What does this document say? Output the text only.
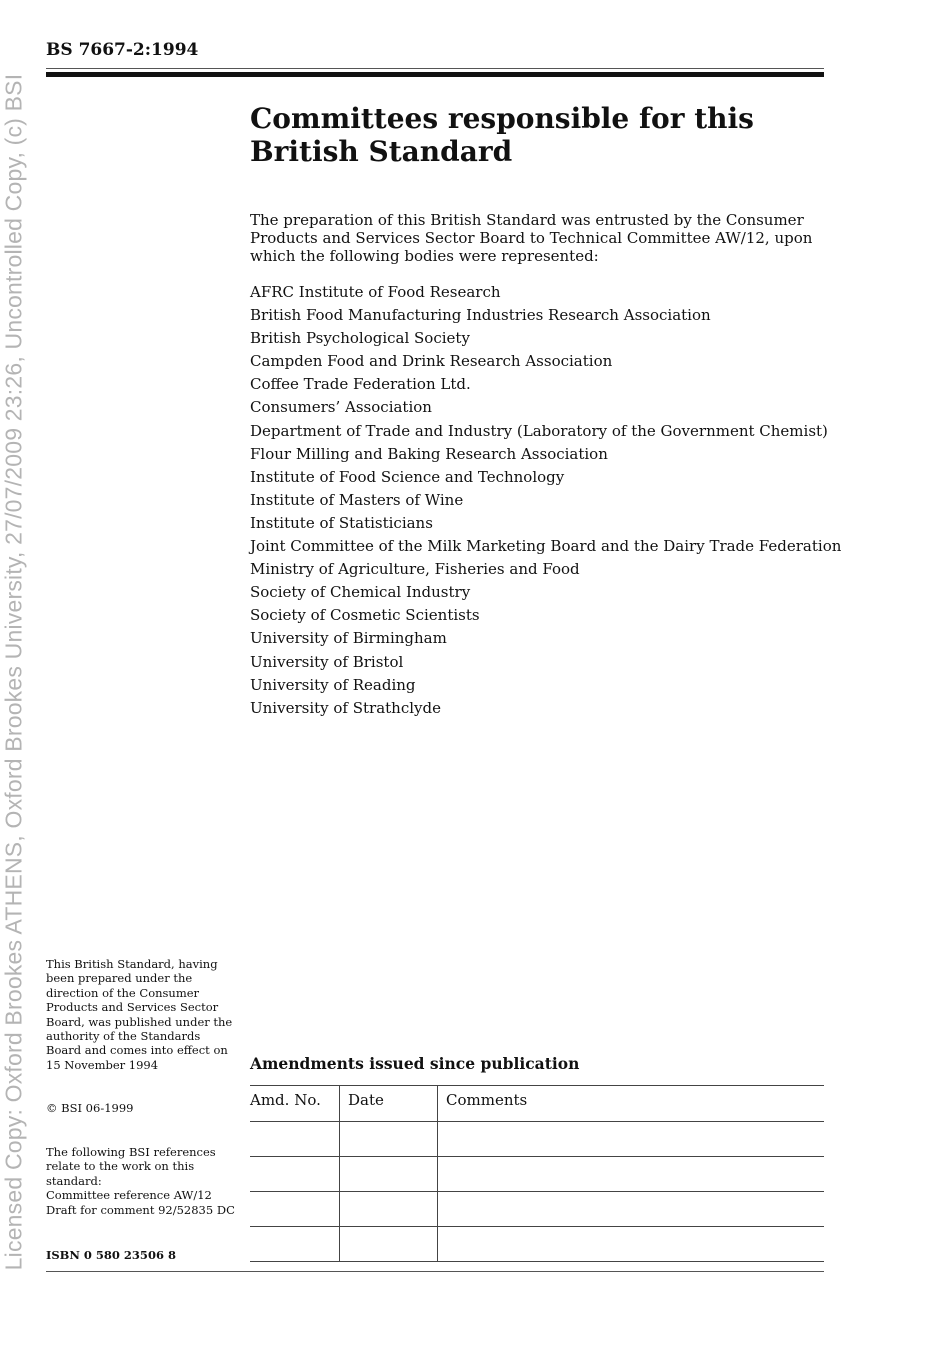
Licensed Copy: Oxford Brookes ATHENS, Oxford Brookes University, 27/07/2009 23:26, Uncontrolled Copy, (c) BSI
BS 7667-2:1994
Committees responsible for this
British Standard
The preparation of this British Standard was entrusted by the Consumer Products and Services Sector Board to Technical Committee AW/12, upon which the following bodies were represented:
AFRC Institute of Food Research
British Food Manufacturing Industries Research Association
British Psychological Society
Campden Food and Drink Research Association
Coffee Trade Federation Ltd.
Consumers’ Association
Department of Trade and Industry (Laboratory of the Government Chemist)
Flour Milling and Baking Research Association
Institute of Food Science and Technology
Institute of Masters of Wine
Institute of Statisticians
Joint Committee of the Milk Marketing Board and the Dairy Trade Federation
Ministry of Agriculture, Fisheries and Food
Society of Chemical Industry
Society of Cosmetic Scientists
University of Birmingham
University of Bristol
University of Reading
University of Strathclyde
This British Standard, having been prepared under the direction of the Consumer Products and Services Sector Board, was published under the authority of the Standards Board and comes into effect on
15 November 1994
© BSI 06-1999
The following BSI references relate to the work on this standard:
Committee reference AW/12
Draft for comment 92/52835 DC
ISBN 0 580 23506 8
Amendments issued since publication
Amd. No.	Date	Comments
